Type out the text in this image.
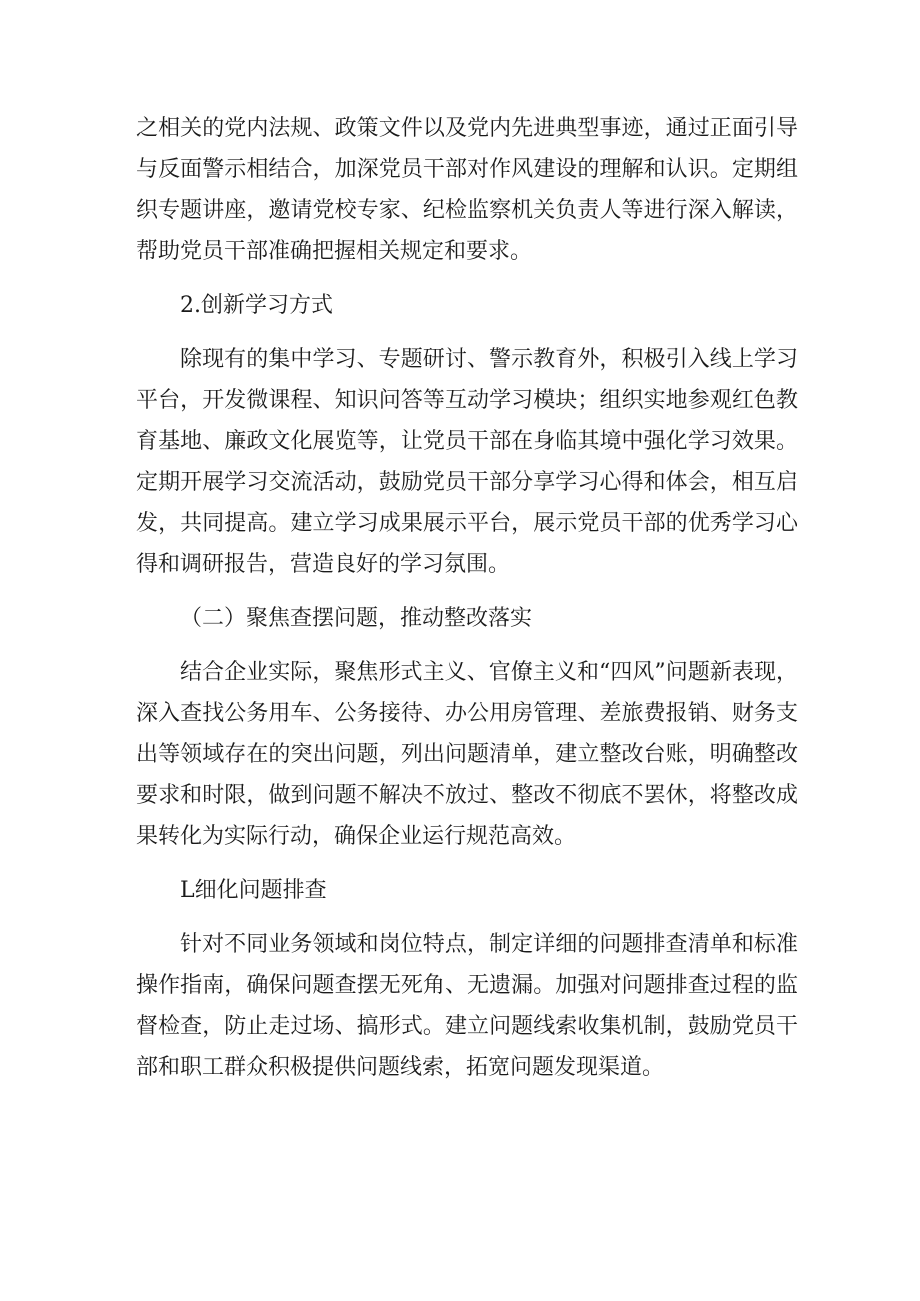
之相关的党内法规、政策文件以及党内先进典型事迹，通过正面引导与反面警示相结合，加深党员干部对作风建设的理解和认识。定期组织专题讲座，邀请党校专家、纪检监察机关负责人等进行深入解读，帮助党员干部准确把握相关规定和要求。

2.创新学习方式

除现有的集中学习、专题研讨、警示教育外，积极引入线上学习平台，开发微课程、知识问答等互动学习模块；组织实地参观红色教育基地、廉政文化展览等，让党员干部在身临其境中强化学习效果。定期开展学习交流活动，鼓励党员干部分享学习心得和体会，相互启发，共同提高。建立学习成果展示平台，展示党员干部的优秀学习心得和调研报告，营造良好的学习氛围。

（二）聚焦查摆问题，推动整改落实

结合企业实际，聚焦形式主义、官僚主义和“四风”问题新表现，深入查找公务用车、公务接待、办公用房管理、差旅费报销、财务支出等领域存在的突出问题，列出问题清单，建立整改台账，明确整改要求和时限，做到问题不解决不放过、整改不彻底不罢休，将整改成果转化为实际行动，确保企业运行规范高效。

L细化问题排查

针对不同业务领域和岗位特点，制定详细的问题排查清单和标准操作指南，确保问题查摆无死角、无遗漏。加强对问题排查过程的监督检查，防止走过场、搞形式。建立问题线索收集机制，鼓励党员干部和职工群众积极提供问题线索，拓宽问题发现渠道。
